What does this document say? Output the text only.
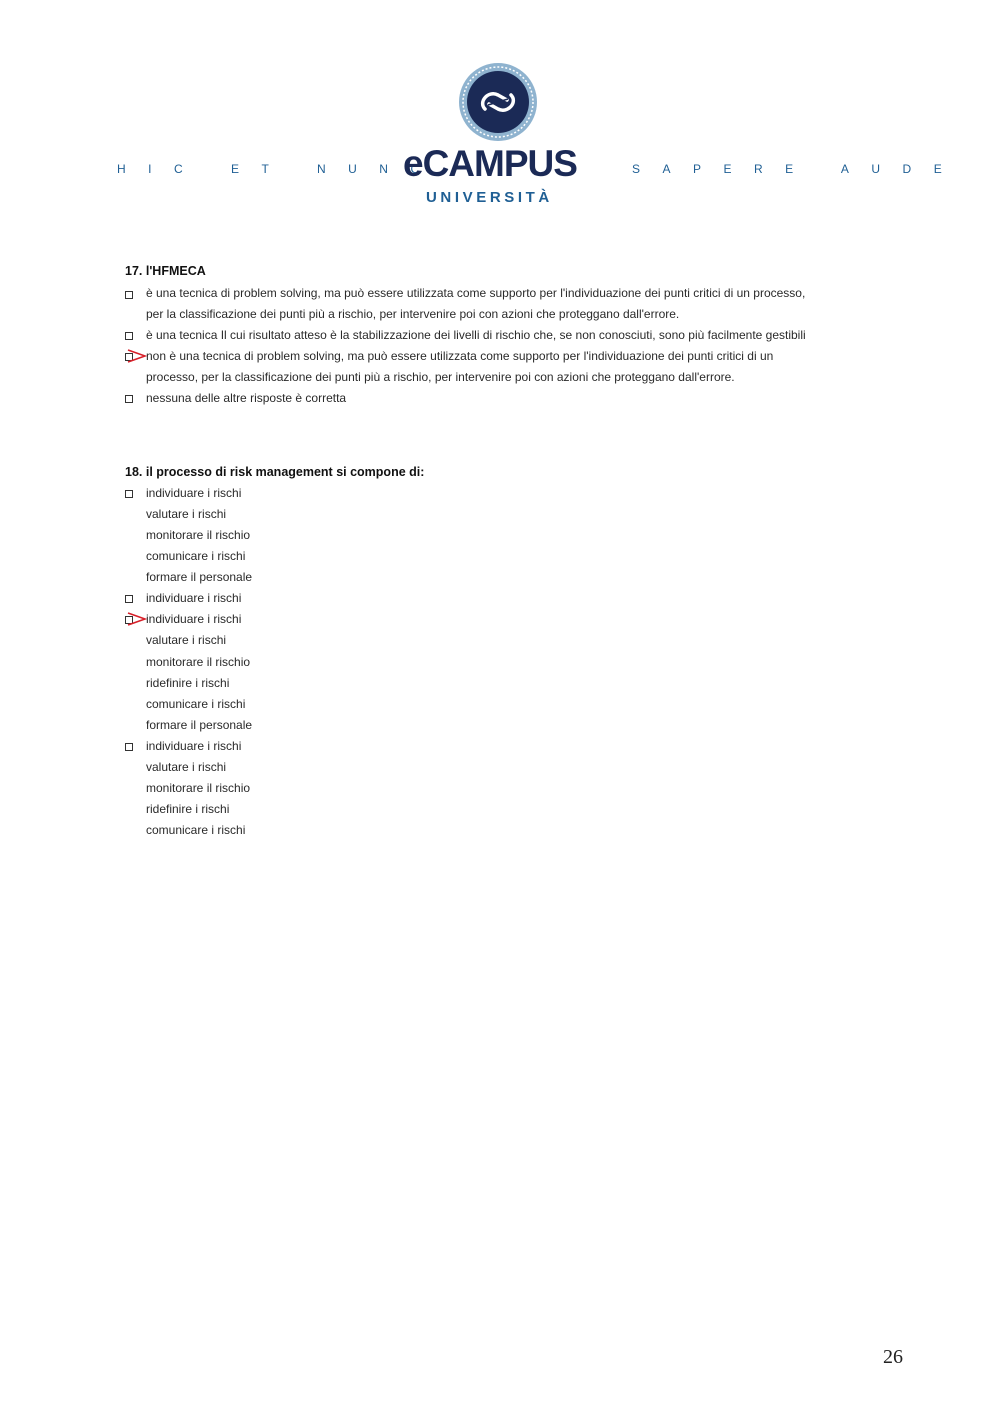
HIC ET NUNC	SAPERE AUDE
eCAMPUS
UNIVERSITÀ
17. l'HFMECA
è una tecnica di problem solving, ma può essere utilizzata come supporto per l'individuazione dei punti critici di un processo,
per la classificazione dei punti più a rischio, per intervenire poi con azioni che proteggano dall'errore.
è una tecnica Il cui risultato atteso è la stabilizzazione dei livelli di rischio che, se non conosciuti, sono più facilmente gestibili
non è una tecnica di problem solving, ma può essere utilizzata come supporto per l'individuazione dei punti critici di un
processo, per la classificazione dei punti più a rischio, per intervenire poi con azioni che proteggano dall'errore.
nessuna delle altre risposte è corretta
18. il processo di risk management si compone di:
individuare i rischi
valutare i rischi
monitorare il rischio
comunicare i rischi
formare il personale
individuare i rischi
individuare i rischi
valutare i rischi
monitorare il rischio
ridefinire i rischi
comunicare i rischi
formare il personale
individuare i rischi
valutare i rischi
monitorare il rischio
ridefinire i rischi
comunicare i rischi
26
